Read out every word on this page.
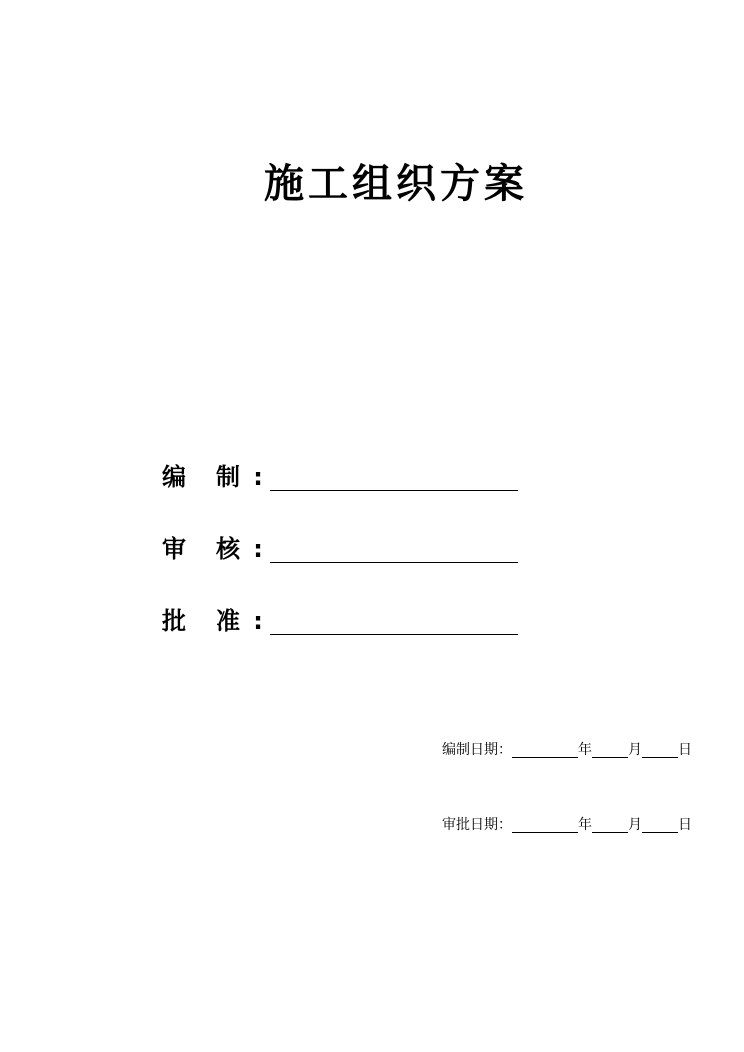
施工组织方案
编	制 :
审	核 :
批	准 :
编制日期：	年	月	日
审批日期：	年	月	日
